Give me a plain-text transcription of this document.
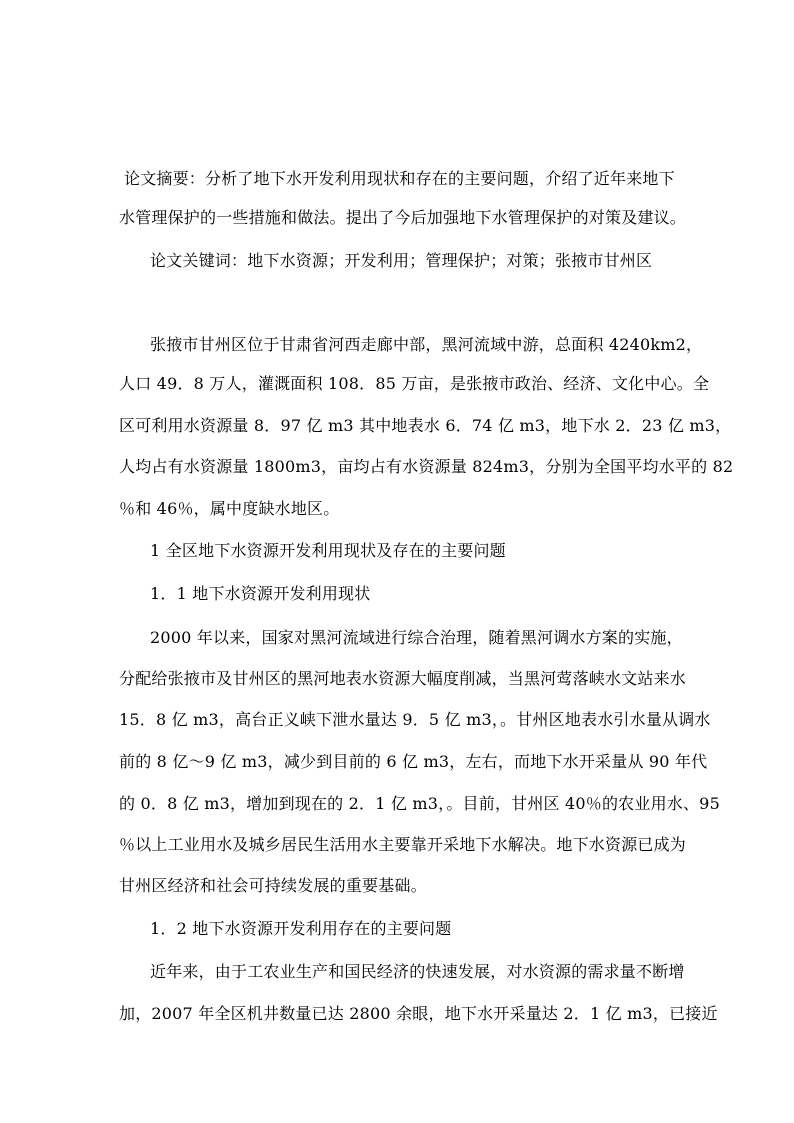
论文摘要：分析了地下水开发利用现状和存在的主要问题，介绍了近年来地下
水管理保护的一些措施和做法。提出了今后加强地下水管理保护的对策及建议。
论文关键词：地下水资源；开发利用；管理保护；对策；张掖市甘州区
张掖市甘州区位于甘肃省河西走廊中部，黑河流域中游，总面积 4240km2，
人口 49．8 万人，灌溉面积 108．85 万亩，是张掖市政治、经济、文化中心。全
区可利用水资源量 8．97 亿 m3 其中地表水 6．74 亿 m3，地下水 2．23 亿 m3，
人均占有水资源量 1800m3，亩均占有水资源量 824m3，分别为全国平均水平的 82
％和 46％，属中度缺水地区。
1 全区地下水资源开发利用现状及存在的主要问题
1．1 地下水资源开发利用现状
2000 年以来，国家对黑河流域进行综合治理，随着黑河调水方案的实施，
分配给张掖市及甘州区的黑河地表水资源大幅度削减，当黑河莺落峡水文站来水
15．8 亿 m3，高台正义峡下泄水量达 9．5 亿 m3，。甘州区地表水引水量从调水
前的 8 亿～9 亿 m3，减少到目前的 6 亿 m3，左右，而地下水开采量从 90 年代
的 0．8 亿 m3，增加到现在的 2．1 亿 m3，。目前，甘州区 40％的农业用水、95
％以上工业用水及城乡居民生活用水主要靠开采地下水解决。地下水资源已成为
甘州区经济和社会可持续发展的重要基础。
1．2 地下水资源开发利用存在的主要问题
近年来，由于工农业生产和国民经济的快速发展，对水资源的需求量不断增
加，2007 年全区机井数量已达 2800 余眼，地下水开采量达 2．1 亿 m3，已接近
